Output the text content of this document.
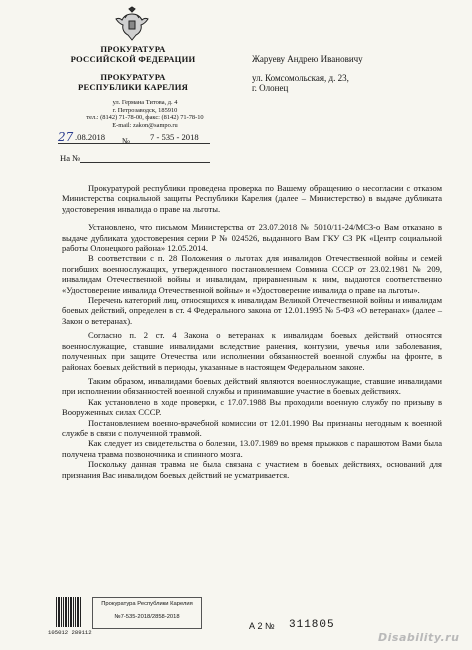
ПРОКУРАТУРА
РОССИЙСКОЙ ФЕДЕРАЦИИ
ПРОКУРАТУРА
РЕСПУБЛИКИ КАРЕЛИЯ
ул. Германа Титова, д. 4
г. Петрозаводск, 185910
тел.: (8142) 71-78-00, факс: (8142) 71-78-10
E-mail: zakon@sampo.ru
27 .08.2018 № 7 - 535 - 2018
На №
Жаруеву Андрею Ивановичу
ул. Комсомольская, д. 23,
г. Олонец

Прокуратурой республики проведена проверка по Вашему обращению о несогласии с отказом Министерства социальной защиты Республики Карелия (далее – Министерство) в выдаче дубликата удостоверения инвалида о праве на льготы.

Установлено, что письмом Министерства от 23.07.2018 № 5010/11-24/МСЗ-о Вам отказано в выдаче дубликата удостоверения серии Р № 024526, выданного Вам ГКУ СЗ РК «Центр социальной работы Олонецкого района» 12.05.2014.

В соответствии с п. 28 Положения о льготах для инвалидов Отечественной войны и семей погибших военнослужащих, утвержденного постановлением Совмина СССР от 23.02.1981 № 209, инвалидам Отечественной войны и инвалидам, приравненным к ним, выдаются соответственно «Удостоверение инвалида Отечественной войны» и «Удостоверение инвалида о праве на льготы».

Перечень категорий лиц, относящихся к инвалидам Великой Отечественной войны и инвалидам боевых действий, определен в ст. 4 Федерального закона от 12.01.1995 № 5-ФЗ «О ветеранах» (далее – Закон о ветеранах).

Согласно п. 2 ст. 4 Закона о ветеранах к инвалидам боевых действий относятся военнослужащие, ставшие инвалидами вследствие ранения, контузии, увечья или заболевания, полученных при защите Отечества или исполнении обязанностей военной службы на фронте, в районах боевых действий в периоды, указанные в настоящем Федеральном законе.

Таким образом, инвалидами боевых действий являются военнослужащие, ставшие инвалидами при исполнении обязанностей военной службы и принимавшие участие в боевых действиях.

Как установлено в ходе проверки, с 17.07.1988 Вы проходили военную службу по призыву в Вооруженных силах СССР.

Постановлением военно-врачебной комиссии от 12.01.1990 Вы признаны негодным к военной службе в связи с полученной травмой.

Как следует из свидетельства о болезни, 13.07.1989 во время прыжков с парашютом Вами была получена травма позвоночника и спинного мозга.

Поскольку данная травма не была связана с участием в боевых действиях, оснований для признания Вас инвалидом боевых действий не усматривается.

Прокуратура Республики Карелия
№7-535-2018/2858-2018
105012 289112
А 2 № 311805
Disability.ru
